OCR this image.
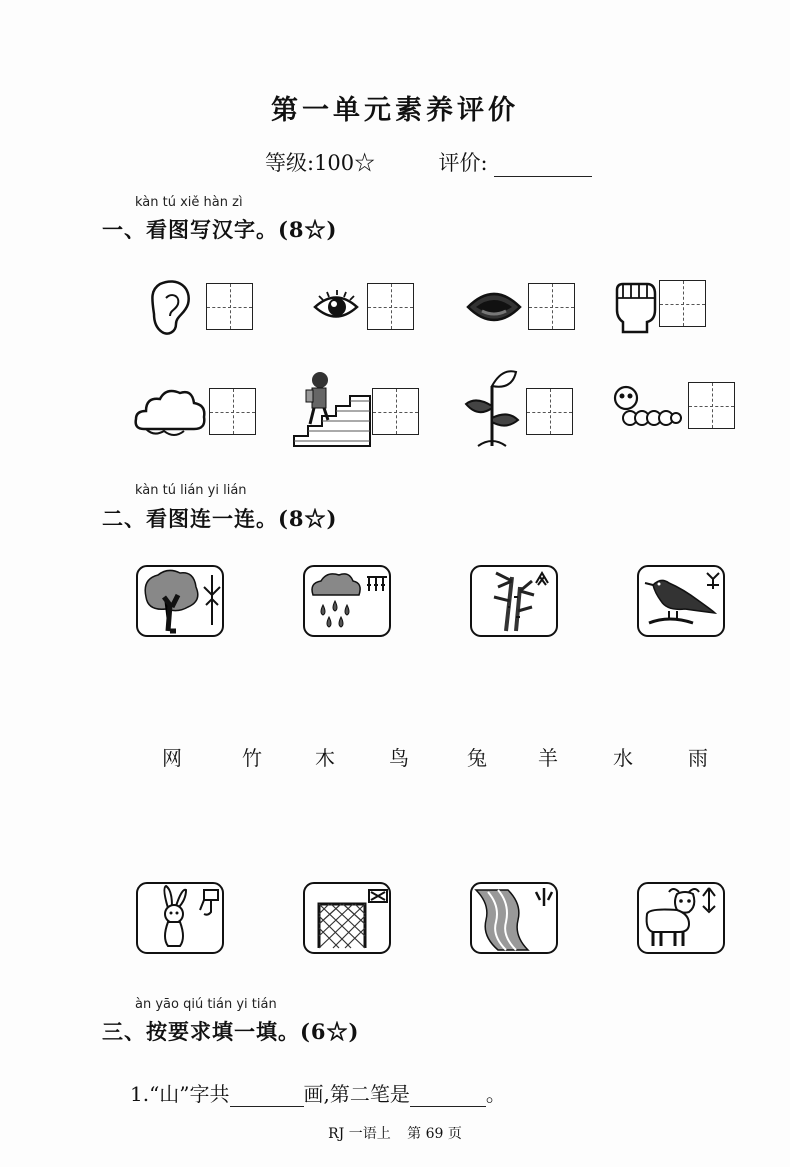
第一单元素养评价
等级:100☆	评价:
kàn tú xiě hàn zì
一、看图写汉字。(8☆)
kàn tú lián yi lián
二、看图连一连。(8☆)
网	竹	木	鸟	兔	羊	水	雨
àn yāo qiú tián yi tián
三、按要求填一填。(6☆)
1.“山”字共	画,第二笔是	。
RJ 一语上 第 69 页
